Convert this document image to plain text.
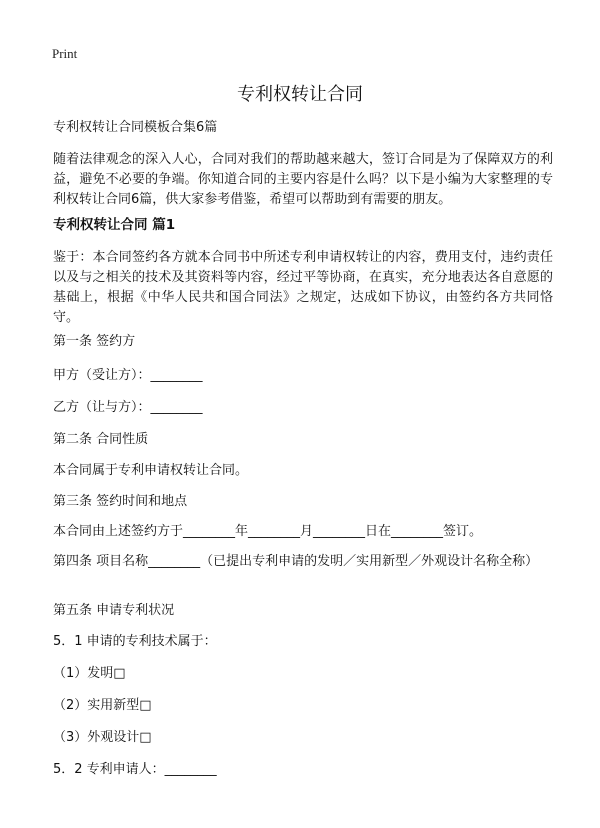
Print
专利权转让合同

专利权转让合同模板合集6篇

随着法律观念的深入人心，合同对我们的帮助越来越大，签订合同是为了保障双方的利益，避免不必要的争端。你知道合同的主要内容是什么吗？以下是小编为大家整理的专利权转让合同6篇，供大家参考借鉴，希望可以帮助到有需要的朋友。

专利权转让合同 篇1

鉴于：本合同签约各方就本合同书中所述专利申请权转让的内容，费用支付，违约责任以及与之相关的技术及其资料等内容，经过平等协商，在真实，充分地表达各自意愿的基础上，根据《中华人民共和国合同法》之规定，达成如下协议，由签约各方共同恪守。

第一条 签约方

甲方（受让方）：________

乙方（让与方）：________

第二条 合同性质

本合同属于专利申请权转让合同。

第三条 签约时间和地点

本合同由上述签约方于________年________月________日在________签订。

第四条 项目名称________（已提出专利申请的发明／实用新型／外观设计名称全称）

第五条 申请专利状况

5．1 申请的专利技术属于：

（1）发明□

（2）实用新型□

（3）外观设计□

5．2 专利申请人：________
